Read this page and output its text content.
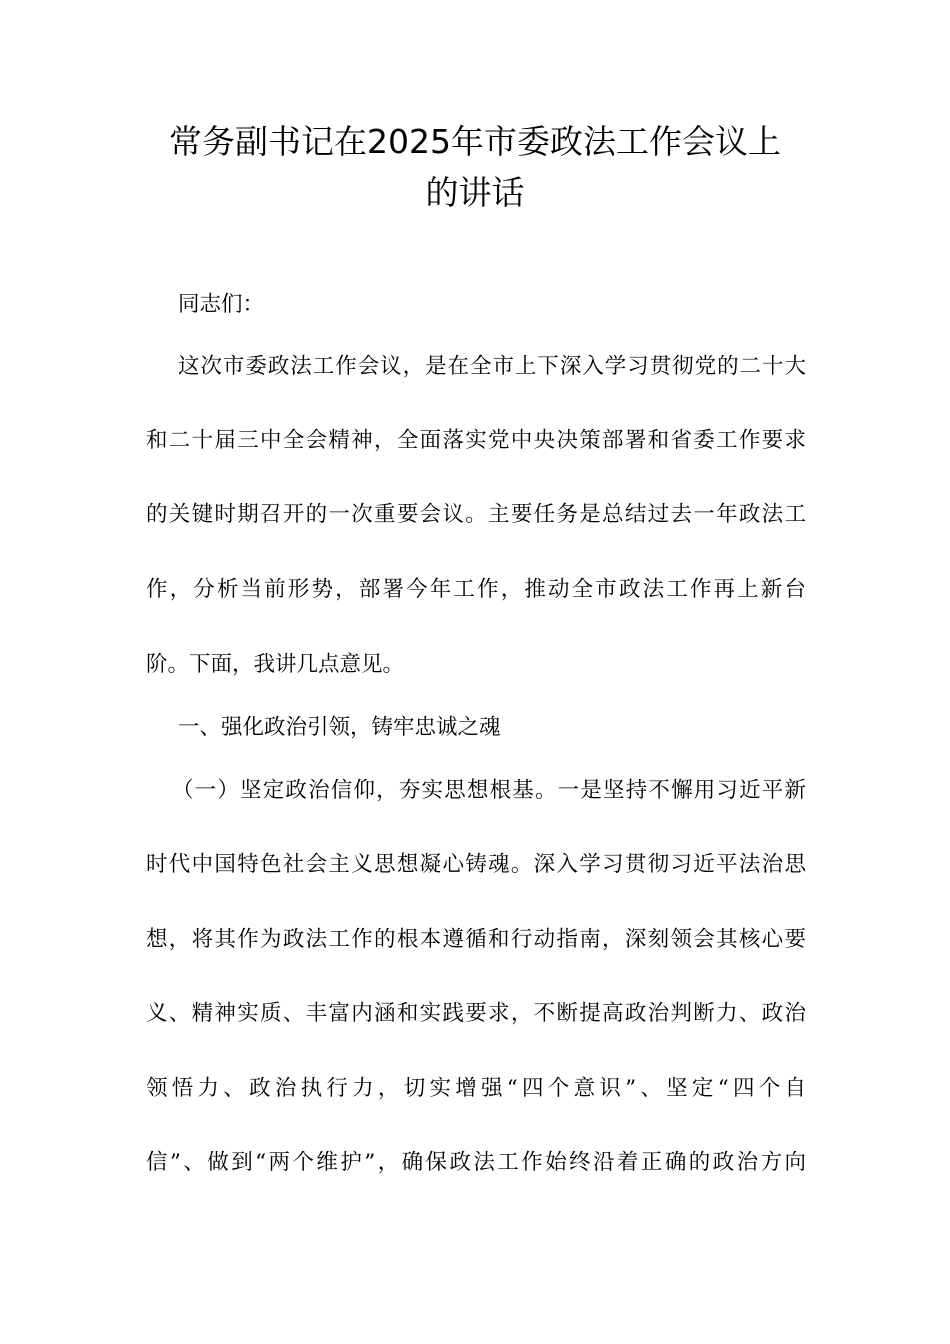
常务副书记在2025年市委政法工作会议上
的讲话
同志们：
这次市委政法工作会议，是在全市上下深入学习贯彻党的二十大
和二十届三中全会精神，全面落实党中央决策部署和省委工作要求
的关键时期召开的一次重要会议。主要任务是总结过去一年政法工
作，分析当前形势，部署今年工作，推动全市政法工作再上新台
阶。下面，我讲几点意见。
一、强化政治引领，铸牢忠诚之魂
（一）坚定政治信仰，夯实思想根基。一是坚持不懈用习近平新
时代中国特色社会主义思想凝心铸魂。深入学习贯彻习近平法治思
想，将其作为政法工作的根本遵循和行动指南，深刻领会其核心要
义、精神实质、丰富内涵和实践要求，不断提高政治判断力、政治
领悟力、政治执行力，切实增强“四个意识”、坚定“四个自
信”、做到“两个维护”，确保政法工作始终沿着正确的政治方向
